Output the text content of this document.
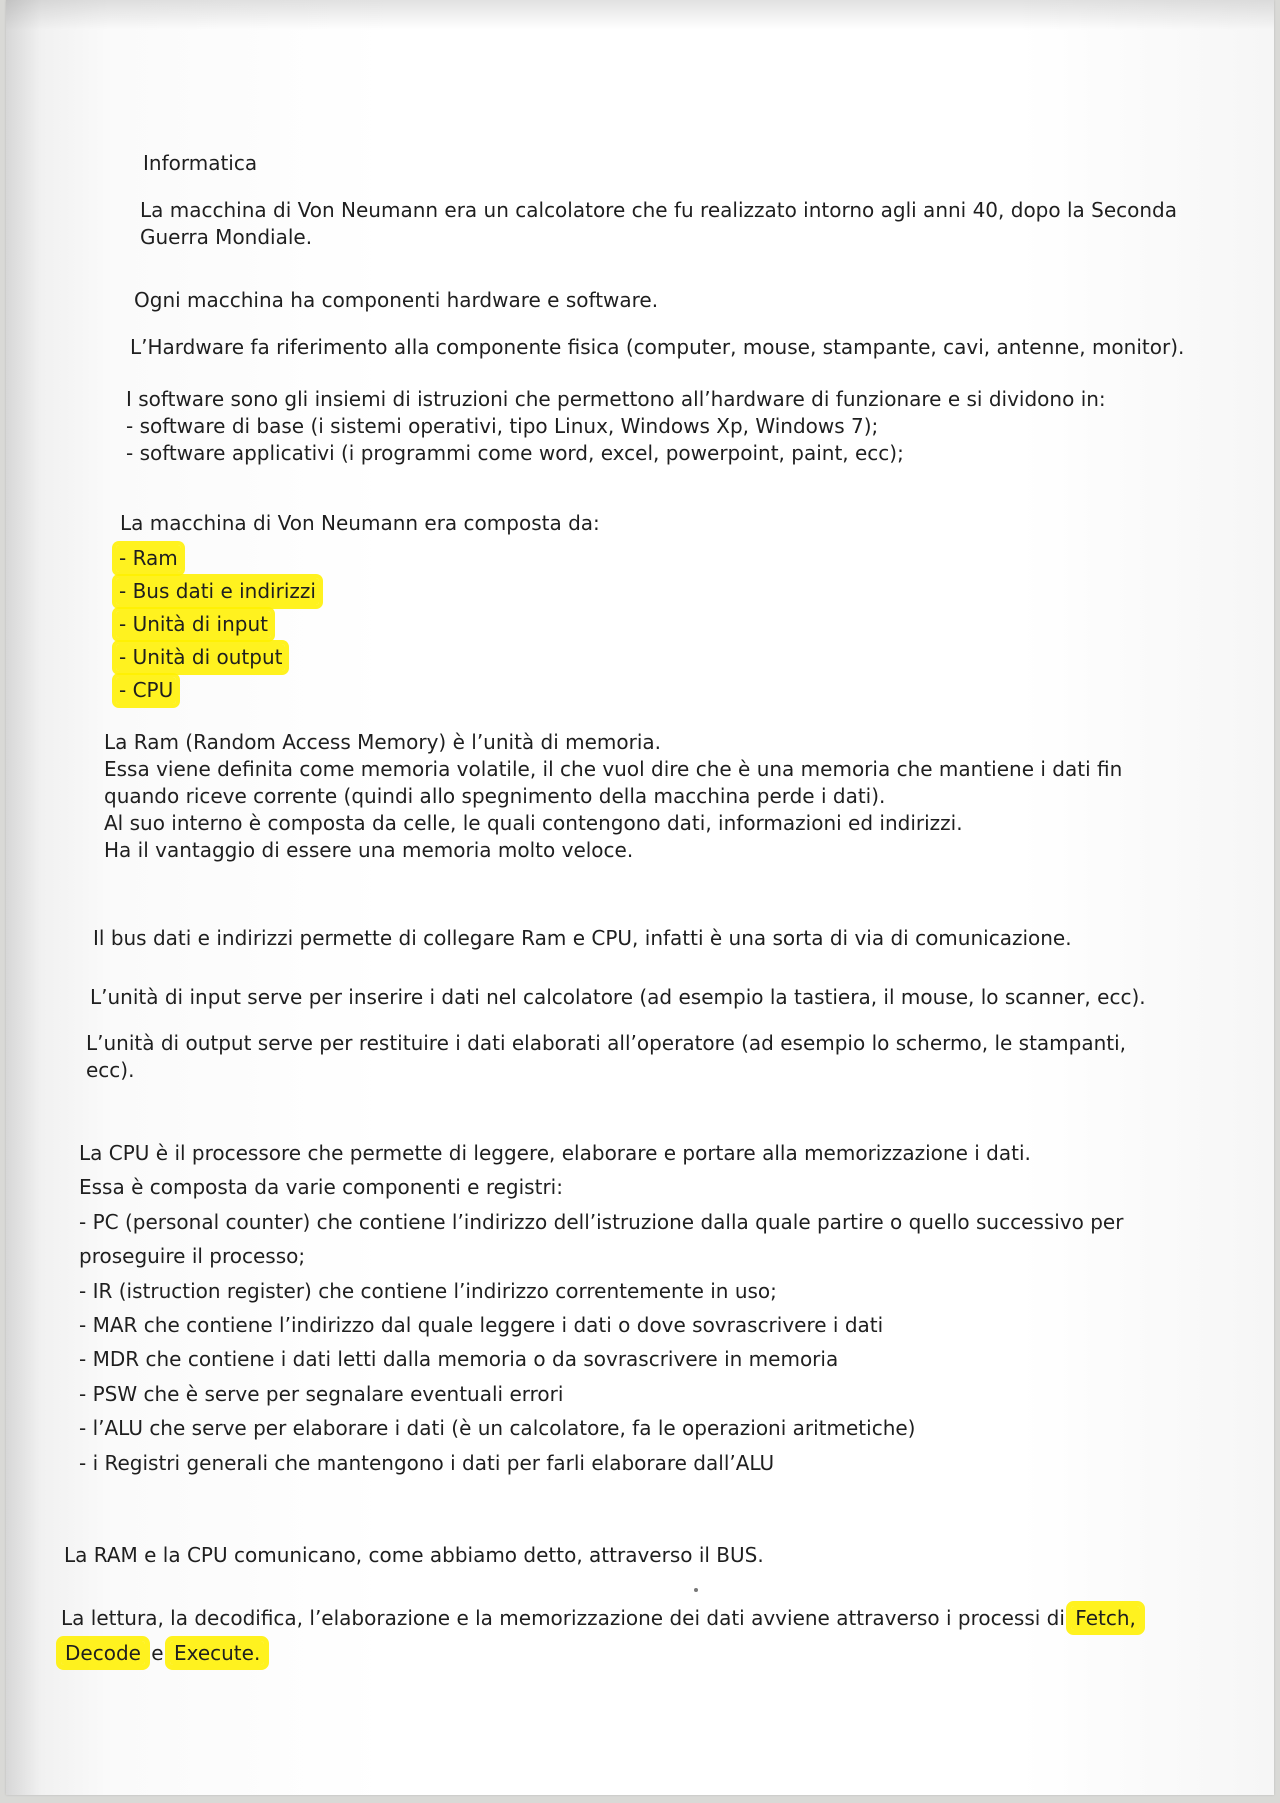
Informatica
La macchina di Von Neumann era un calcolatore che fu realizzato intorno agli anni 40, dopo la Seconda
Guerra Mondiale.
Ogni macchina ha componenti hardware e software.
L’Hardware fa riferimento alla componente fisica (computer, mouse, stampante, cavi, antenne, monitor).
I software sono gli insiemi di istruzioni che permettono all’hardware di funzionare e si dividono in:
- software di base (i sistemi operativi, tipo Linux, Windows Xp, Windows 7);
- software applicativi (i programmi come word, excel, powerpoint, paint, ecc);
La macchina di Von Neumann era composta da:
- Ram
- Bus dati e indirizzi
- Unità di input
- Unità di output
- CPU
La Ram (Random Access Memory) è l’unità di memoria.
Essa viene definita come memoria volatile, il che vuol dire che è una memoria che mantiene i dati fin
quando riceve corrente (quindi allo spegnimento della macchina perde i dati).
Al suo interno è composta da celle, le quali contengono dati, informazioni ed indirizzi.
Ha il vantaggio di essere una memoria molto veloce.
Il bus dati e indirizzi permette di collegare Ram e CPU, infatti è una sorta di via di comunicazione.
L’unità di input serve per inserire i dati nel calcolatore (ad esempio la tastiera, il mouse, lo scanner, ecc).
L’unità di output serve per restituire i dati elaborati all’operatore (ad esempio lo schermo, le stampanti,
ecc).
La CPU è il processore che permette di leggere, elaborare e portare alla memorizzazione i dati.
Essa è composta da varie componenti e registri:
- PC (personal counter) che contiene l’indirizzo dell’istruzione dalla quale partire o quello successivo per
proseguire il processo;
- IR (istruction register) che contiene l’indirizzo correntemente in uso;
- MAR che contiene l’indirizzo dal quale leggere i dati o dove sovrascrivere i dati
- MDR che contiene i dati letti dalla memoria o da sovrascrivere in memoria
- PSW che è serve per segnalare eventuali errori
- l’ALU che serve per elaborare i dati (è un calcolatore, fa le operazioni aritmetiche)
- i Registri generali che mantengono i dati per farli elaborare dall’ALU
La RAM e la CPU comunicano, come abbiamo detto, attraverso il BUS.
La lettura, la decodifica, l’elaborazione e la memorizzazione dei dati avviene attraverso i processi di Fetch,
Decode e Execute.
